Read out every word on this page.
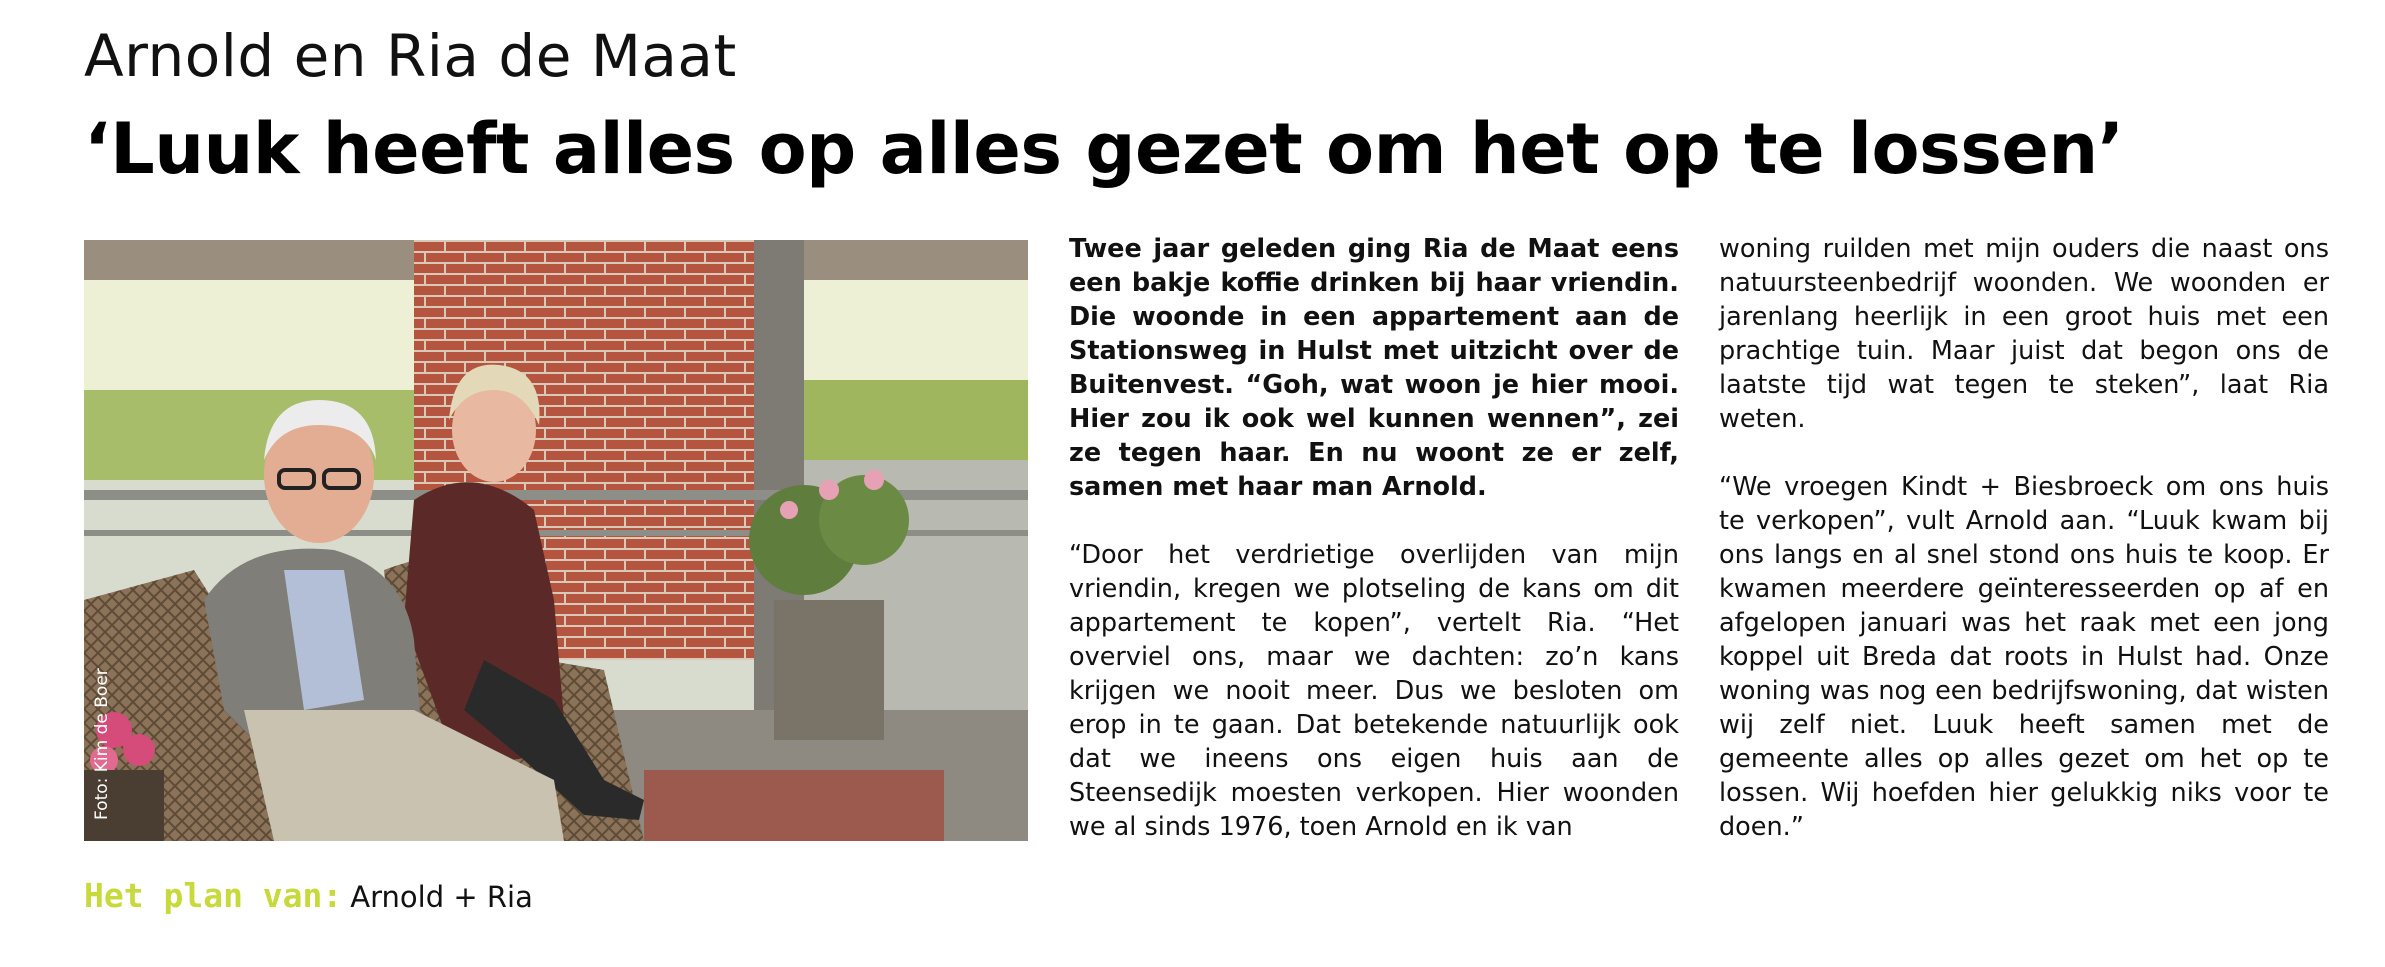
Arnold en Ria de Maat
‘Luuk heeft alles op alles gezet om het op te lossen’
Foto: Kim de Boer

Twee jaar geleden ging Ria de Maat eens een bakje koffie drinken bij haar vriendin. Die woonde in een appartement aan de Stationsweg in Hulst met uitzicht over de Buitenvest. “Goh, wat woon je hier mooi. Hier zou ik ook wel kunnen wennen”, zei ze tegen haar. En nu woont ze er zelf, samen met haar man Arnold.

“Door het verdrietige overlijden van mijn vriendin, kregen we plotseling de kans om dit appartement te kopen”, vertelt Ria. “Het overviel ons, maar we dachten: zo’n kans krijgen we nooit meer. Dus we besloten om erop in te gaan. Dat betekende natuurlijk ook dat we ineens ons eigen huis aan de Steensedijk moesten verkopen. Hier woonden we al sinds 1976, toen Arnold en ik van

woning ruilden met mijn ouders die naast ons natuursteenbedrijf woonden. We woonden er jarenlang heerlijk in een groot huis met een prachtige tuin. Maar juist dat begon ons de laatste tijd wat tegen te steken”, laat Ria weten.

“We vroegen Kindt + Biesbroeck om ons huis te verkopen”, vult Arnold aan. “Luuk kwam bij ons langs en al snel stond ons huis te koop. Er kwamen meerdere geïnteresseerden op af en afgelopen januari was het raak met een jong koppel uit Breda dat roots in Hulst had. Onze woning was nog een bedrijfswoning, dat wisten wij zelf niet. Luuk heeft samen met de gemeente alles op alles gezet om het op te lossen. Wij hoefden hier gelukkig niks voor te doen.”

Het plan van: Arnold + Ria
